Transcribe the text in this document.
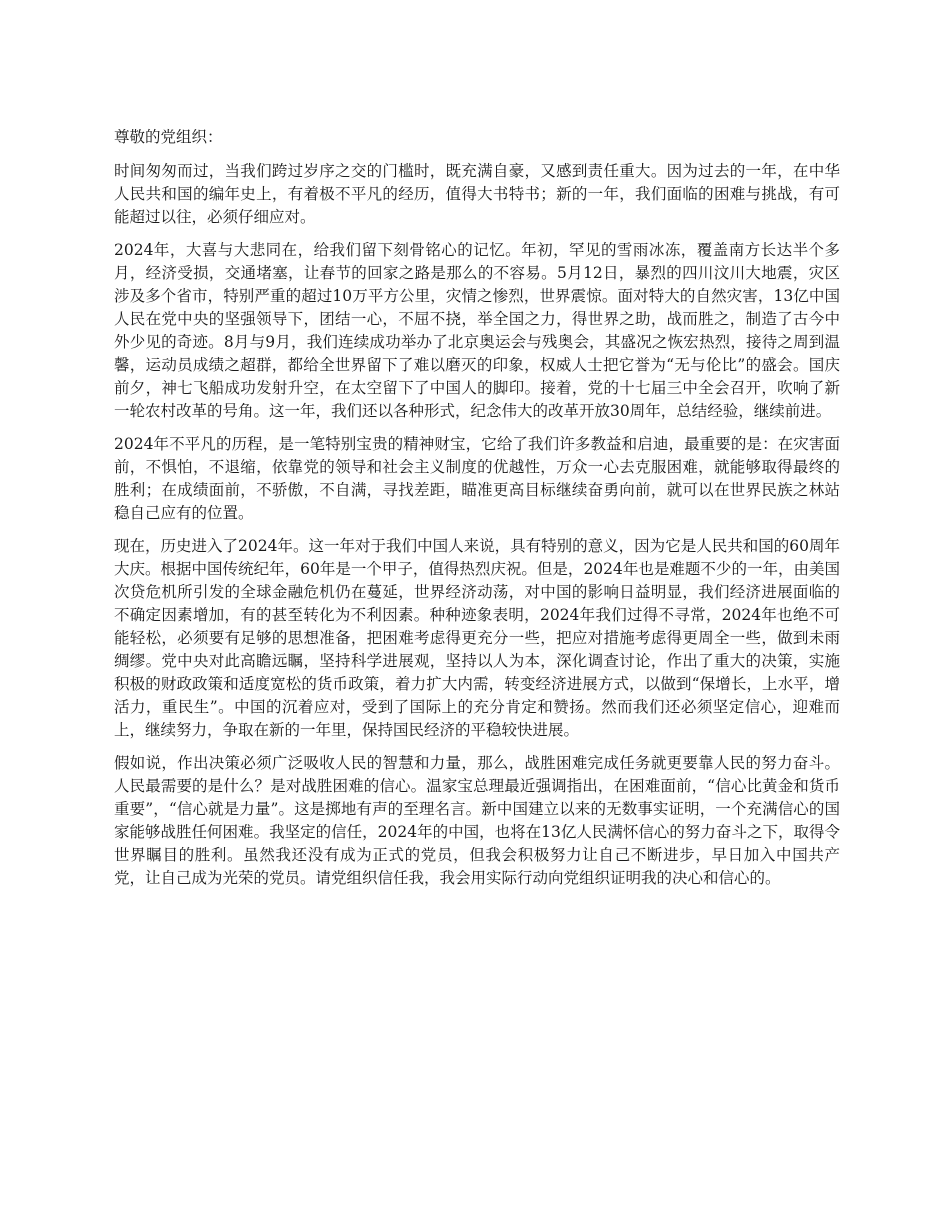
尊敬的党组织：

时间匆匆而过，当我们跨过岁序之交的门槛时，既充满自豪，又感到责任重大。因为过去的一年，在中华人民共和国的编年史上，有着极不平凡的经历，值得大书特书；新的一年，我们面临的困难与挑战，有可能超过以往，必须仔细应对。

2024年，大喜与大悲同在，给我们留下刻骨铭心的记忆。年初，罕见的雪雨冰冻，覆盖南方长达半个多月，经济受损，交通堵塞，让春节的回家之路是那么的不容易。5月12日，暴烈的四川汶川大地震，灾区涉及多个省市，特别严重的超过10万平方公里，灾情之惨烈，世界震惊。面对特大的自然灾害，13亿中国人民在党中央的坚强领导下，团结一心，不屈不挠，举全国之力，得世界之助，战而胜之，制造了古今中外少见的奇迹。8月与9月，我们连续成功举办了北京奥运会与残奥会，其盛况之恢宏热烈，接待之周到温馨，运动员成绩之超群，都给全世界留下了难以磨灭的印象，权威人士把它誉为“无与伦比”的盛会。国庆前夕，神七飞船成功发射升空，在太空留下了中国人的脚印。接着，党的十七届三中全会召开，吹响了新一轮农村改革的号角。这一年，我们还以各种形式，纪念伟大的改革开放30周年，总结经验，继续前进。

2024年不平凡的历程，是一笔特别宝贵的精神财宝，它给了我们许多教益和启迪，最重要的是：在灾害面前，不惧怕，不退缩，依靠党的领导和社会主义制度的优越性，万众一心去克服困难，就能够取得最终的胜利；在成绩面前，不骄傲，不自满，寻找差距，瞄准更高目标继续奋勇向前，就可以在世界民族之林站稳自己应有的位置。

现在，历史进入了2024年。这一年对于我们中国人来说，具有特别的意义，因为它是人民共和国的60周年大庆。根据中国传统纪年，60年是一个甲子，值得热烈庆祝。但是，2024年也是难题不少的一年，由美国次贷危机所引发的全球金融危机仍在蔓延，世界经济动荡，对中国的影响日益明显，我们经济进展面临的不确定因素增加，有的甚至转化为不利因素。种种迹象表明，2024年我们过得不寻常，2024年也绝不可能轻松，必须要有足够的思想准备，把困难考虑得更充分一些，把应对措施考虑得更周全一些，做到未雨绸缪。党中央对此高瞻远瞩，坚持科学进展观，坚持以人为本，深化调查讨论，作出了重大的决策，实施积极的财政政策和适度宽松的货币政策，着力扩大内需，转变经济进展方式，以做到“保增长，上水平，增活力，重民生”。中国的沉着应对，受到了国际上的充分肯定和赞扬。然而我们还必须坚定信心，迎难而上，继续努力，争取在新的一年里，保持国民经济的平稳较快进展。

假如说，作出决策必须广泛吸收人民的智慧和力量，那么，战胜困难完成任务就更要靠人民的努力奋斗。人民最需要的是什么？是对战胜困难的信心。温家宝总理最近强调指出，在困难面前，“信心比黄金和货币重要”，“信心就是力量”。这是掷地有声的至理名言。新中国建立以来的无数事实证明，一个充满信心的国家能够战胜任何困难。我坚定的信任，2024年的中国，也将在13亿人民满怀信心的努力奋斗之下，取得令世界瞩目的胜利。虽然我还没有成为正式的党员，但我会积极努力让自己不断进步，早日加入中国共产党，让自己成为光荣的党员。请党组织信任我，我会用实际行动向党组织证明我的决心和信心的。
